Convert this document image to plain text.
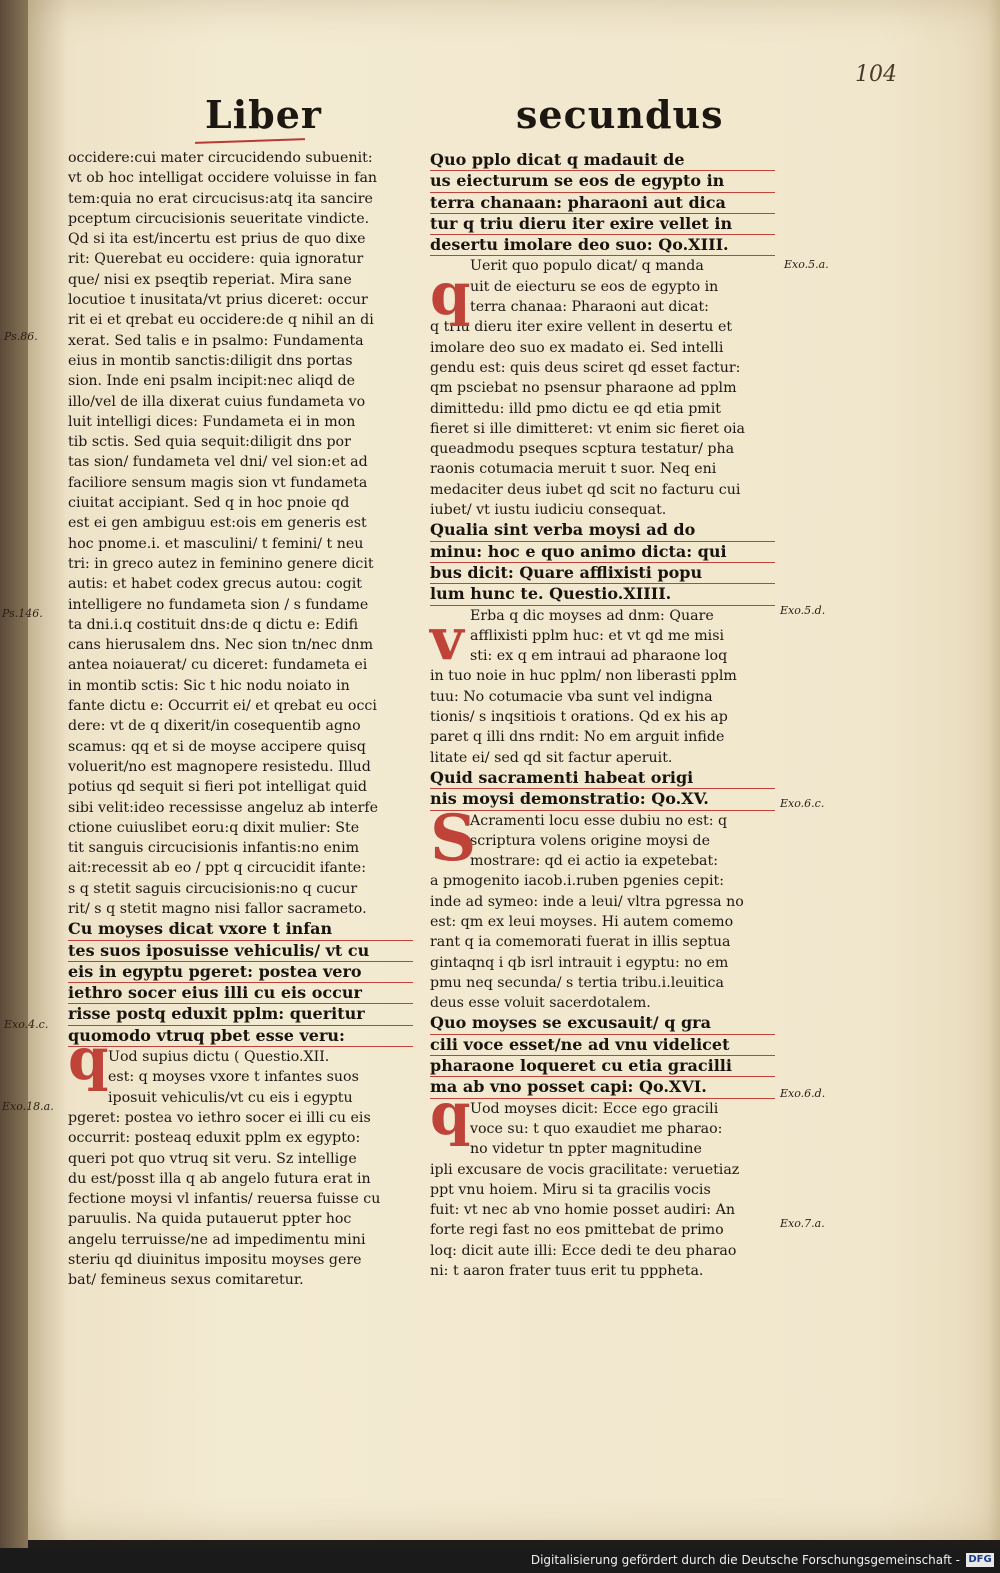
104
Liber	secundus
occidere:cui mater circucidendo subuenit:
vt ob hoc intelligat occidere voluisse in fan
tem:quia no erat circucisus:atq ita sancire
pceptum circucisionis seueritate vindicte.
Qd si ita est/incertu est prius de quo dixe
rit: Querebat eu occidere: quia ignoratur
que/ nisi ex pseqtib reperiat. Mira sane
locutioe t inusitata/vt prius diceret: occur
rit ei et qrebat eu occidere:de q nihil an di
xerat. Sed talis e in psalmo: Fundamenta
eius in montib sanctis:diligit dns portas
sion. Inde eni psalm incipit:nec aliqd de
illo/vel de illa dixerat cuius fundameta vo
luit intelligi dices: Fundameta ei in mon
tib sctis. Sed quia sequit:diligit dns por
tas sion/ fundameta vel dni/ vel sion:et ad
faciliore sensum magis sion vt fundameta
ciuitat accipiant. Sed q in hoc pnoie qd
est ei gen ambiguu est:ois em generis est
hoc pnome.i. et masculini/ t femini/ t neu
tri: in greco autez in feminino genere dicit
autis: et habet codex grecus autou: cogit
intelligere no fundameta sion / s fundame
ta dni.i.q costituit dns:de q dictu e: Edifi
cans hierusalem dns. Nec sion tn/nec dnm
antea noiauerat/ cu diceret: fundameta ei
in montib sctis: Sic t hic nodu noiato in
fante dictu e: Occurrit ei/ et qrebat eu occi
dere: vt de q dixerit/in cosequentib agno
scamus: qq et si de moyse accipere quisq
voluerit/no est magnopere resistedu. Illud
potius qd sequit si fieri pot intelligat quid
sibi velit:ideo recessisse angeluz ab interfe
ctione cuiuslibet eoru:q dixit mulier: Ste
tit sanguis circucisionis infantis:no enim
ait:recessit ab eo / ppt q circucidit ifante:
s q stetit saguis circucisionis:no q cucur
rit/ s q stetit magno nisi fallor sacrameto.
Cu moyses dicat vxore t infan
tes suos iposuisse vehiculis/ vt cu
eis in egyptu pgeret: postea vero
iethro socer eius illi cu eis occur
risse postq eduxit pplm: queritur
quomodo vtruq pbet esse veru:
Uod supius dictu ( Questio.XII.
est: q moyses vxore t infantes suos
iposuit vehiculis/vt cu eis i egyptu
pgeret: postea vo iethro socer ei illi cu eis
occurrit: posteaq eduxit pplm ex egypto:
queri pot quo vtruq sit veru. Sz intellige
du est/posst illa q ab angelo futura erat in
fectione moysi vl infantis/ reuersa fuisse cu
paruulis. Na quida putauerut ppter hoc
angelu terruisse/ne ad impedimentu mini
steriu qd diuinitus impositu moyses gere
bat/ femineus sexus comitaretur.
Quo pplo dicat q madauit de
us eiecturum se eos de egypto in
terra chanaan: pharaoni aut dica
tur q triu dieru iter exire vellet in
desertu imolare deo suo: Qo.XIII.
Uerit quo populo dicat/ q manda
uit de eiecturu se eos de egypto in
terra chanaa: Pharaoni aut dicat:
q triu dieru iter exire vellent in desertu et
imolare deo suo ex madato ei. Sed intelli
gendu est: quis deus sciret qd esset factur:
qm psciebat no psensur pharaone ad pplm
dimittedu: illd pmo dictu ee qd etia pmit
fieret si ille dimitteret: vt enim sic fieret oia
queadmodu pseques scptura testatur/ pha
raonis cotumacia meruit t suor. Neq eni
medaciter deus iubet qd scit no facturu cui
iubet/ vt iustu iudiciu consequat.
Qualia sint verba moysi ad do
minu: hoc e quo animo dicta: qui
bus dicit: Quare afflixisti popu
lum hunc te. Questio.XIIII.
Erba q dic moyses ad dnm: Quare
afflixisti pplm huc: et vt qd me misi
sti: ex q em intraui ad pharaone loq
in tuo noie in huc pplm/ non liberasti pplm
tuu: No cotumacie vba sunt vel indigna
tionis/ s inqsitiois t orations. Qd ex his ap
paret q illi dns rndit: No em arguit infide
litate ei/ sed qd sit factur aperuit.
Quid sacramenti habeat origi
nis moysi demonstratio: Qo.XV.
Acramenti locu esse dubiu no est: q
scriptura volens origine moysi de
mostrare: qd ei actio ia expetebat:
a pmogenito iacob.i.ruben pgenies cepit:
inde ad symeo: inde a leui/ vltra pgressa no
est: qm ex leui moyses. Hi autem comemo
rant q ia comemorati fuerat in illis septua
gintaqnq i qb isrl intrauit i egyptu: no em
pmu neq secunda/ s tertia tribu.i.leuitica
deus esse voluit sacerdotalem.
Quo moyses se excusauit/ q gra
cili voce esset/ne ad vnu videlicet
pharaone loqueret cu etia gracilli
ma ab vno posset capi: Qo.XVI.
Uod moyses dicit: Ecce ego gracili
voce su: t quo exaudiet me pharao:
no videtur tn ppter magnitudine
ipli excusare de vocis gracilitate: veruetiaz
ppt vnu hoiem. Miru si ta gracilis vocis
fuit: vt nec ab vno homie posset audiri: An
forte regi fast no eos pmittebat de primo
loq: dicit aute illi: Ecce dedi te deu pharao
ni: t aaron frater tuus erit tu pppheta.
q
q
v
S
q
Ps.86.
Ps.146.
Exo.4.c.
Exo.18.a.
Exo.5.a.
Exo.5.d.
Exo.6.c.
Exo.6.d.
Exo.7.a.
Digitalisierung gefördert durch die Deutsche Forschungsgemeinschaft - DFG
